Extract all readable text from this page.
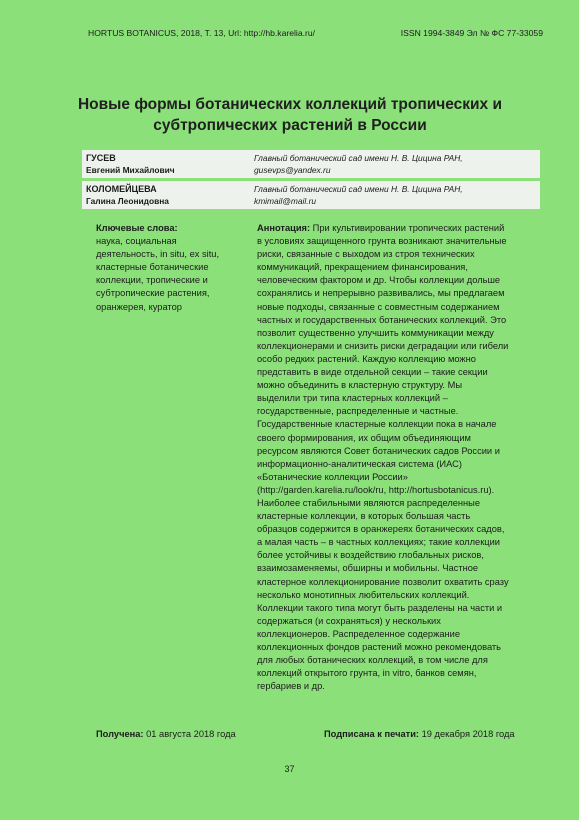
HORTUS BOTANICUS, 2018, Т. 13, Url: http://hb.karelia.ru/	ISSN 1994-3849 Эл № ФС 77-33059
Новые формы ботанических коллекций тропических и субтропических растений в России
ГУСЕВ
Евгений Михайлович
Главный ботанический сад имени Н. В. Цицина РАН,
gusevps@yandex.ru
КОЛОМЕЙЦЕВА
Галина Леонидовна
Главный ботанический сад имени Н. В. Цицина РАН,
kmimail@mail.ru
Ключевые слова:
наука, социальная
деятельность, in situ, ex situ,
кластерные ботанические
коллекции, тропические и
субтропические растения,
оранжерея, куратор
Аннотация: При культивировании тропических растений
в условиях защищенного грунта возникают значительные
риски, связанные с выходом из строя технических
коммуникаций, прекращением финансирования,
человеческим фактором и др. Чтобы коллекции дольше
сохранялись и непрерывно развивались, мы предлагаем
новые подходы, связанные с совместным содержанием
частных и государственных ботанических коллекций. Это
позволит существенно улучшить коммуникации между
коллекционерами и снизить риски деградации или гибели
особо редких растений. Каждую коллекцию можно
представить в виде отдельной секции – такие секции
можно объединить в кластерную структуру. Мы
выделили три типа кластерных коллекций –
государственные, распределенные и частные.
Государственные кластерные коллекции пока в начале
своего формирования, их общим объединяющим
ресурсом являются Совет ботанических садов России и
информационно-аналитическая система (ИАС)
«Ботанические коллекции России»
(http://garden.karelia.ru/look/ru, http://hortusbotanicus.ru).
Наиболее стабильными являются распределенные
кластерные коллекции, в которых большая часть
образцов содержится в оранжереях ботанических садов,
а малая часть – в частных коллекциях; такие коллекции
более устойчивы к воздействию глобальных рисков,
взаимозаменяемы, обширны и мобильны. Частное
кластерное коллекционирование позволит охватить сразу
несколько монотипных любительских коллекций.
Коллекции такого типа могут быть разделены на части и
содержаться (и сохраняться) у нескольких
коллекционеров. Распределенное содержание
коллекционных фондов растений можно рекомендовать
для любых ботанических коллекций, в том числе для
коллекций открытого грунта, in vitro, банков семян,
гербариев и др.
Получена: 01 августа 2018 года	Подписана к печати: 19 декабря 2018 года
37
